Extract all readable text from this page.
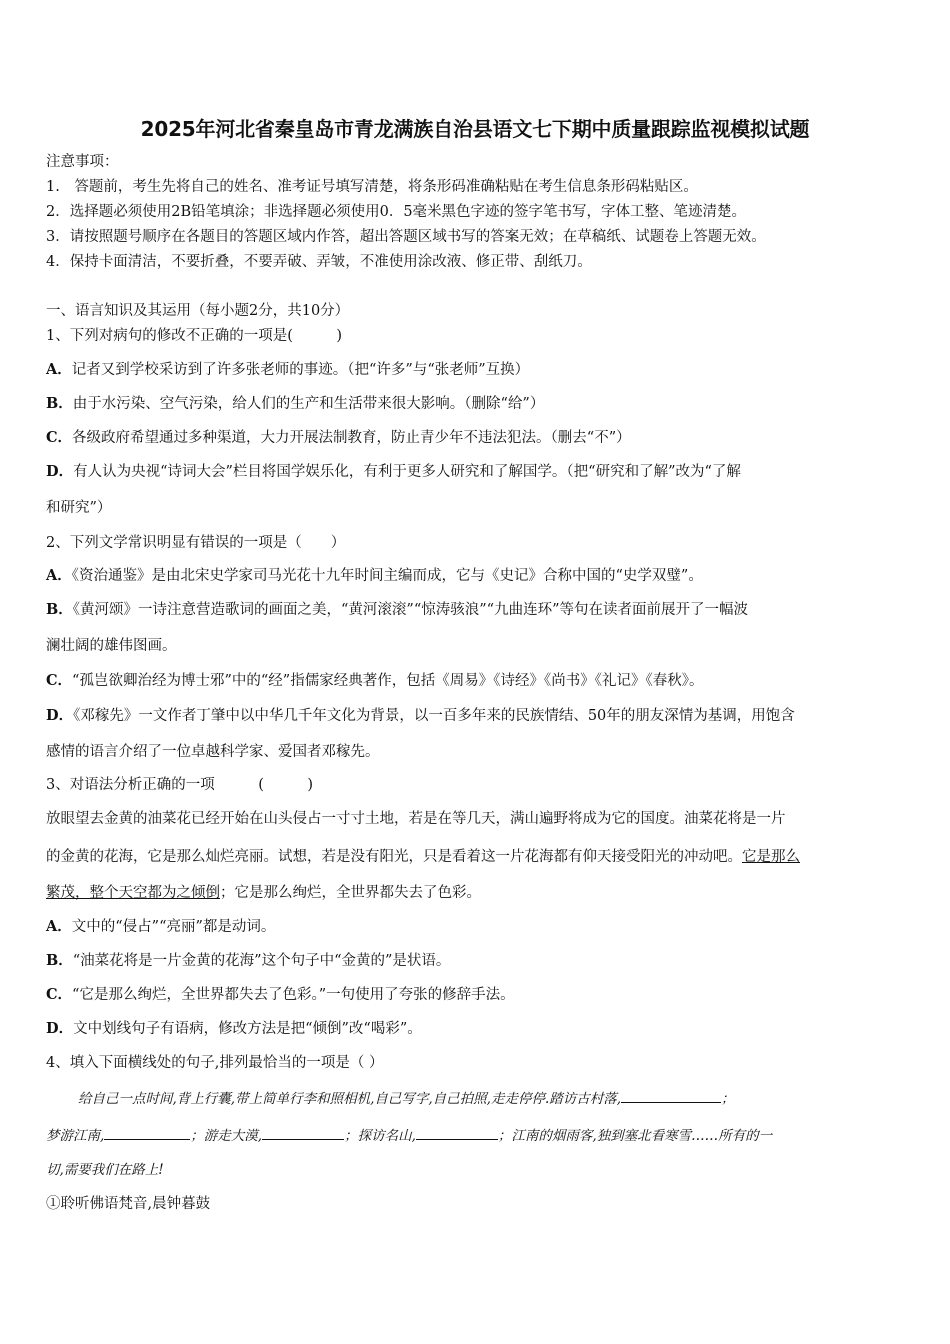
2025年河北省秦皇岛市青龙满族自治县语文七下期中质量跟踪监视模拟试题
注意事项：
1.　答题前，考生先将自己的姓名、准考证号填写清楚，将条形码准确粘贴在考生信息条形码粘贴区。
2．选择题必须使用2B铅笔填涂；非选择题必须使用0．5毫米黑色字迹的签字笔书写，字体工整、笔迹清楚。
3．请按照题号顺序在各题目的答题区域内作答，超出答题区域书写的答案无效；在草稿纸、试题卷上答题无效。
4．保持卡面清洁，不要折叠，不要弄破、弄皱，不准使用涂改液、修正带、刮纸刀。
一、语言知识及其运用（每小题2分，共10分）
1、下列对病句的修改不正确的一项是(　　　)
A．记者又到学校采访到了许多张老师的事迹。（把“许多”与“张老师”互换）
B．由于水污染、空气污染，给人们的生产和生活带来很大影响。（删除“给”）
C．各级政府希望通过多种渠道，大力开展法制教育，防止青少年不违法犯法。（删去“不”）
D．有人认为央视“诗词大会”栏目将国学娱乐化，有利于更多人研究和了解国学。（把“研究和了解”改为“了解
和研究”）
2、下列文学常识明显有错误的一项是（　　）
A．《资治通鉴》是由北宋史学家司马光花十九年时间主编而成，它与《史记》合称中国的“史学双璧”。
B．《黄河颂》一诗注意营造歌词的画面之美，“黄河滚滚”“惊涛骇浪”“九曲连环”等句在读者面前展开了一幅波
澜壮阔的雄伟图画。
C．“孤岂欲卿治经为博士邪”中的“经”指儒家经典著作，包括《周易》《诗经》《尚书》《礼记》《春秋》。
D．《邓稼先》一文作者丁肇中以中华几千年文化为背景，以一百多年来的民族情结、50年的朋友深情为基调，用饱含
感情的语言介绍了一位卓越科学家、爱国者邓稼先。
3、对语法分析正确的一项　　　(　　　)
放眼望去金黄的油菜花已经开始在山头侵占一寸寸土地，若是在等几天，满山遍野将成为它的国度。油菜花将是一片
的金黄的花海，它是那么灿烂亮丽。试想，若是没有阳光，只是看着这一片花海都有仰天接受阳光的冲动吧。它是那么
繁茂，整个天空都为之倾倒；它是那么绚烂，全世界都失去了色彩。
A．文中的“侵占”“亮丽”都是动词。
B．“油菜花将是一片金黄的花海”这个句子中“金黄的”是状语。
C．“它是那么绚烂，全世界都失去了色彩。”一句使用了夸张的修辞手法。
D．文中划线句子有语病，修改方法是把“倾倒”改“喝彩”。
4、填入下面横线处的句子,排列最恰当的一项是（ ）
给自己一点时间,背上行囊,带上简单行李和照相机,自己写字,自己拍照,走走停停.踏访古村落,	；
梦游江南,	；游走大漠,	；探访名山,	；江南的烟雨客,独到塞北看寒雪……所有的一
切,需要我们在路上!
①聆听佛语梵音,晨钟暮鼓
